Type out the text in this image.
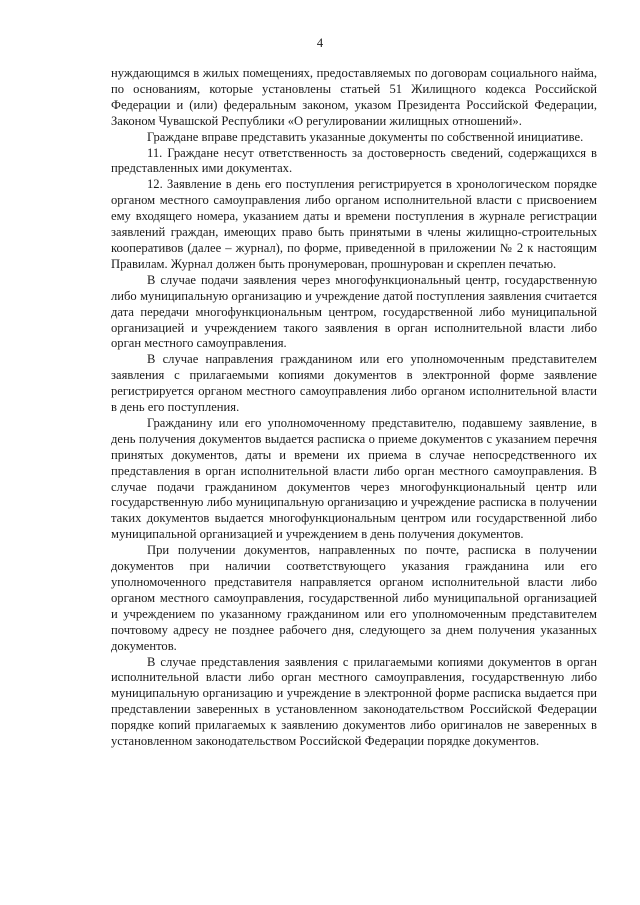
4

нуждающимся в жилых помещениях, предоставляемых по договорам социального найма, по основаниям, которые установлены статьей 51 Жилищного кодекса Российской Федерации и (или) федеральным законом, указом Президента Российской Федерации, Законом Чувашской Республики «О регулировании жилищных отношений».

Граждане вправе представить указанные документы по собственной инициативе.

11. Граждане несут ответственность за достоверность сведений, содержащихся в представленных ими документах.

12. Заявление в день его поступления регистрируется в хронологическом порядке органом местного самоуправления либо органом исполнительной власти с присвоением ему входящего номера, указанием даты и времени поступления в журнале регистрации заявлений граждан, имеющих право быть принятыми в члены жилищно-строительных кооперативов (далее – журнал), по форме, приведенной в приложении № 2 к настоящим Правилам. Журнал должен быть пронумерован, прошнурован и скреплен печатью.

В случае подачи заявления через многофункциональный центр, государственную либо муниципальную организацию и учреждение датой поступления заявления считается дата передачи многофункциональным центром, государственной либо муниципальной организацией и учреждением такого заявления в орган исполнительной власти либо орган местного самоуправления.

В случае направления гражданином или его уполномоченным представителем заявления с прилагаемыми копиями документов в электронной форме заявление регистрируется органом местного самоуправления либо органом исполнительной власти в день его поступления.

Гражданину или его уполномоченному представителю, подавшему заявление, в день получения документов выдается расписка о приеме документов с указанием перечня принятых документов, даты и времени их приема в случае непосредственного их представления в орган исполнительной власти либо орган местного самоуправления. В случае подачи гражданином документов через многофункциональный центр или государственную либо муниципальную организацию и учреждение расписка в получении таких документов выдается многофункциональным центром или государственной либо муниципальной организацией и учреждением в день получения документов.

При получении документов, направленных по почте, расписка в получении документов при наличии соответствующего указания гражданина или его уполномоченного представителя направляется органом исполнительной власти либо органом местного самоуправления, государственной либо муниципальной организацией и учреждением по указанному гражданином или его уполномоченным представителем почтовому адресу не позднее рабочего дня, следующего за днем получения указанных документов.

В случае представления заявления с прилагаемыми копиями документов в орган исполнительной власти либо орган местного самоуправления, государственную либо муниципальную организацию и учреждение в электронной форме расписка выдается при представлении заверенных в установленном законодательством Российской Федерации порядке копий прилагаемых к заявлению документов либо оригиналов не заверенных в установленном законодательством Российской Федерации порядке документов.
